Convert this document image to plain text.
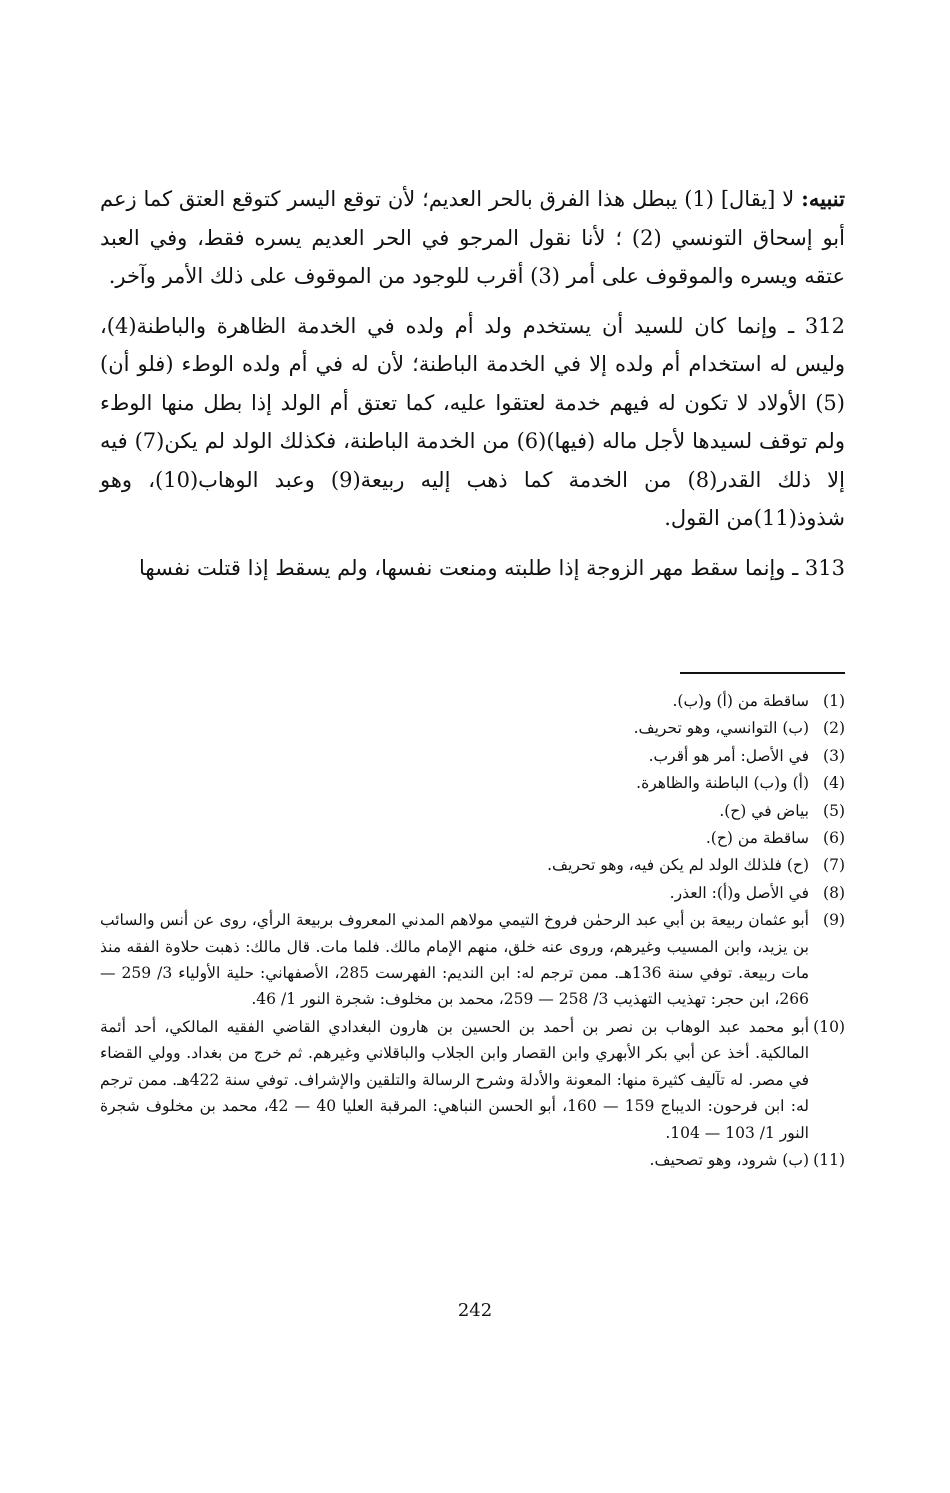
تنبيه: لا [يقال] (1) يبطل هذا الفرق بالحر العديم؛ لأن توقع اليسر كتوقع العتق كما زعم أبو إسحاق التونسي (2) ؛ لأنا نقول المرجو في الحر العديم يسره فقط، وفي العبد عتقه ويسره والموقوف على أمر (3) أقرب للوجود من الموقوف على ذلك الأمر وآخر.

312 ـ وإنما كان للسيد أن يستخدم ولد أم ولده في الخدمة الظاهرة والباطنة(4)، وليس له استخدام أم ولده إلا في الخدمة الباطنة؛ لأن له في أم ولده الوطء (فلو أن)(5) الأولاد لا تكون له فيهم خدمة لعتقوا عليه، كما تعتق أم الولد إذا بطل منها الوطء ولم توقف لسيدها لأجل ماله (فيها)(6) من الخدمة الباطنة، فكذلك الولد لم يكن(7) فيه إلا ذلك القدر(8) من الخدمة كما ذهب إليه ربيعة(9) وعبد الوهاب(10)، وهو شذوذ(11)من القول.

313 ـ وإنما سقط مهر الزوجة إذا طلبته ومنعت نفسها، ولم يسقط إذا قتلت نفسها

(1)
ساقطة من (أ) و(ب).
(2)
(ب) التوانسي، وهو تحريف.
(3)
في الأصل: أمر هو أقرب.
(4)
(أ) و(ب) الباطنة والظاهرة.
(5)
بياض في (ح).
(6)
ساقطة من (ح).
(7)
(ح) فلذلك الولد لم يكن فيه، وهو تحريف.
(8)
في الأصل و(أ): العذر.
(9)
أبو عثمان ربيعة بن أبي عبد الرحمٰن فروخ التيمي مولاهم المدني المعروف بربيعة الرأي، روى عن أنس والسائب بن يزيد، وابن المسيب وغيرهم، وروى عنه خلق، منهم الإمام مالك. فلما مات. قال مالك: ذهبت حلاوة الفقه منذ مات ربيعة. توفي سنة 136هـ. ممن ترجم له: ابن النديم: الفهرست 285، الأصفهاني: حلية الأولياء 3/ 259 — 266، ابن حجر: تهذيب التهذيب 3/ 258 — 259، محمد بن مخلوف: شجرة النور 1/ 46.
(10)
أبو محمد عبد الوهاب بن نصر بن أحمد بن الحسين بن هارون البغدادي القاضي الفقيه المالكي، أحد أئمة المالكية. أخذ عن أبي بكر الأبهري وابن القصار وابن الجلاب والباقلاني وغيرهم. ثم خرج من بغداد. وولي القضاء في مصر. له تآليف كثيرة منها: المعونة والأدلة وشرح الرسالة والتلقين والإشراف. توفي سنة 422هـ. ممن ترجم له: ابن فرحون: الديباج 159 — 160، أبو الحسن النباهي: المرقبة العليا 40 — 42، محمد بن مخلوف شجرة النور 1/ 103 — 104.
(11)
(ب) شرود، وهو تصحيف.
242
